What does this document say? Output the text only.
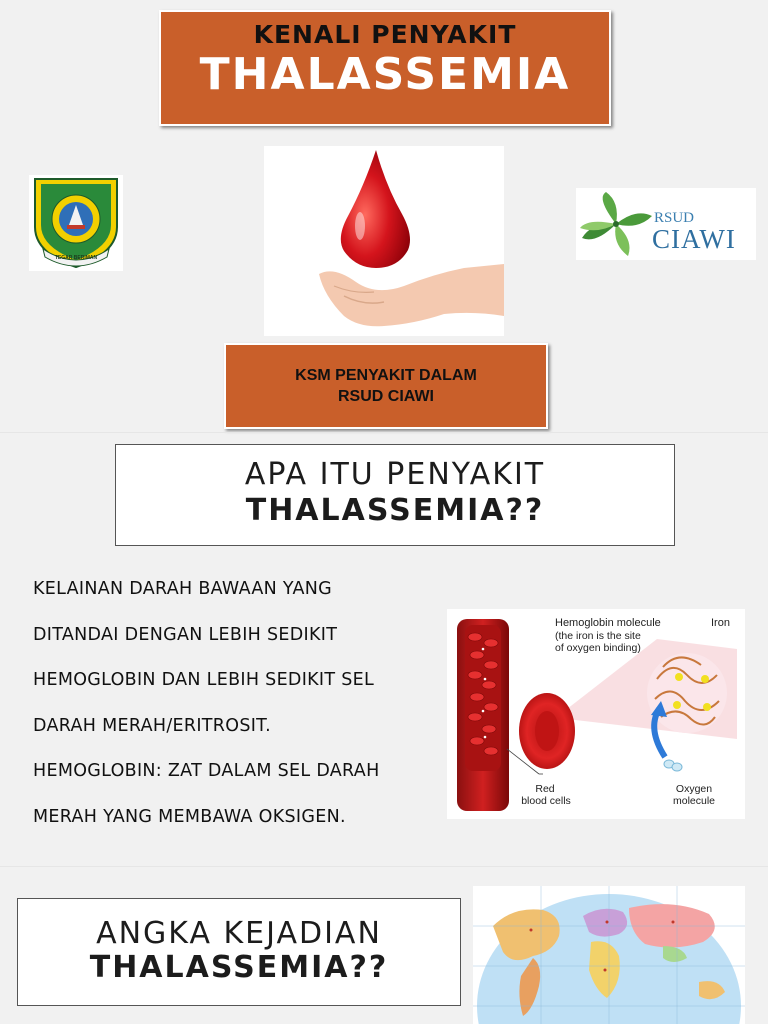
KENALI PENYAKIT
THALASSEMIA
TEGAR BERIMAN
RSUD
CIAWI
KSM PENYAKIT DALAM
RSUD CIAWI
APA ITU PENYAKIT
THALASSEMIA??
KELAINAN DARAH BAWAAN YANG
DITANDAI DENGAN LEBIH SEDIKIT
HEMOGLOBIN DAN LEBIH SEDIKIT SEL
DARAH MERAH/ERITROSIT.
HEMOGLOBIN: ZAT DALAM SEL DARAH
MERAH YANG MEMBAWA OKSIGEN.
Hemoglobin molecule
(the iron is the site
of oxygen binding)
Iron
Red
blood cells
Oxygen
molecule
ANGKA KEJADIAN
THALASSEMIA??
